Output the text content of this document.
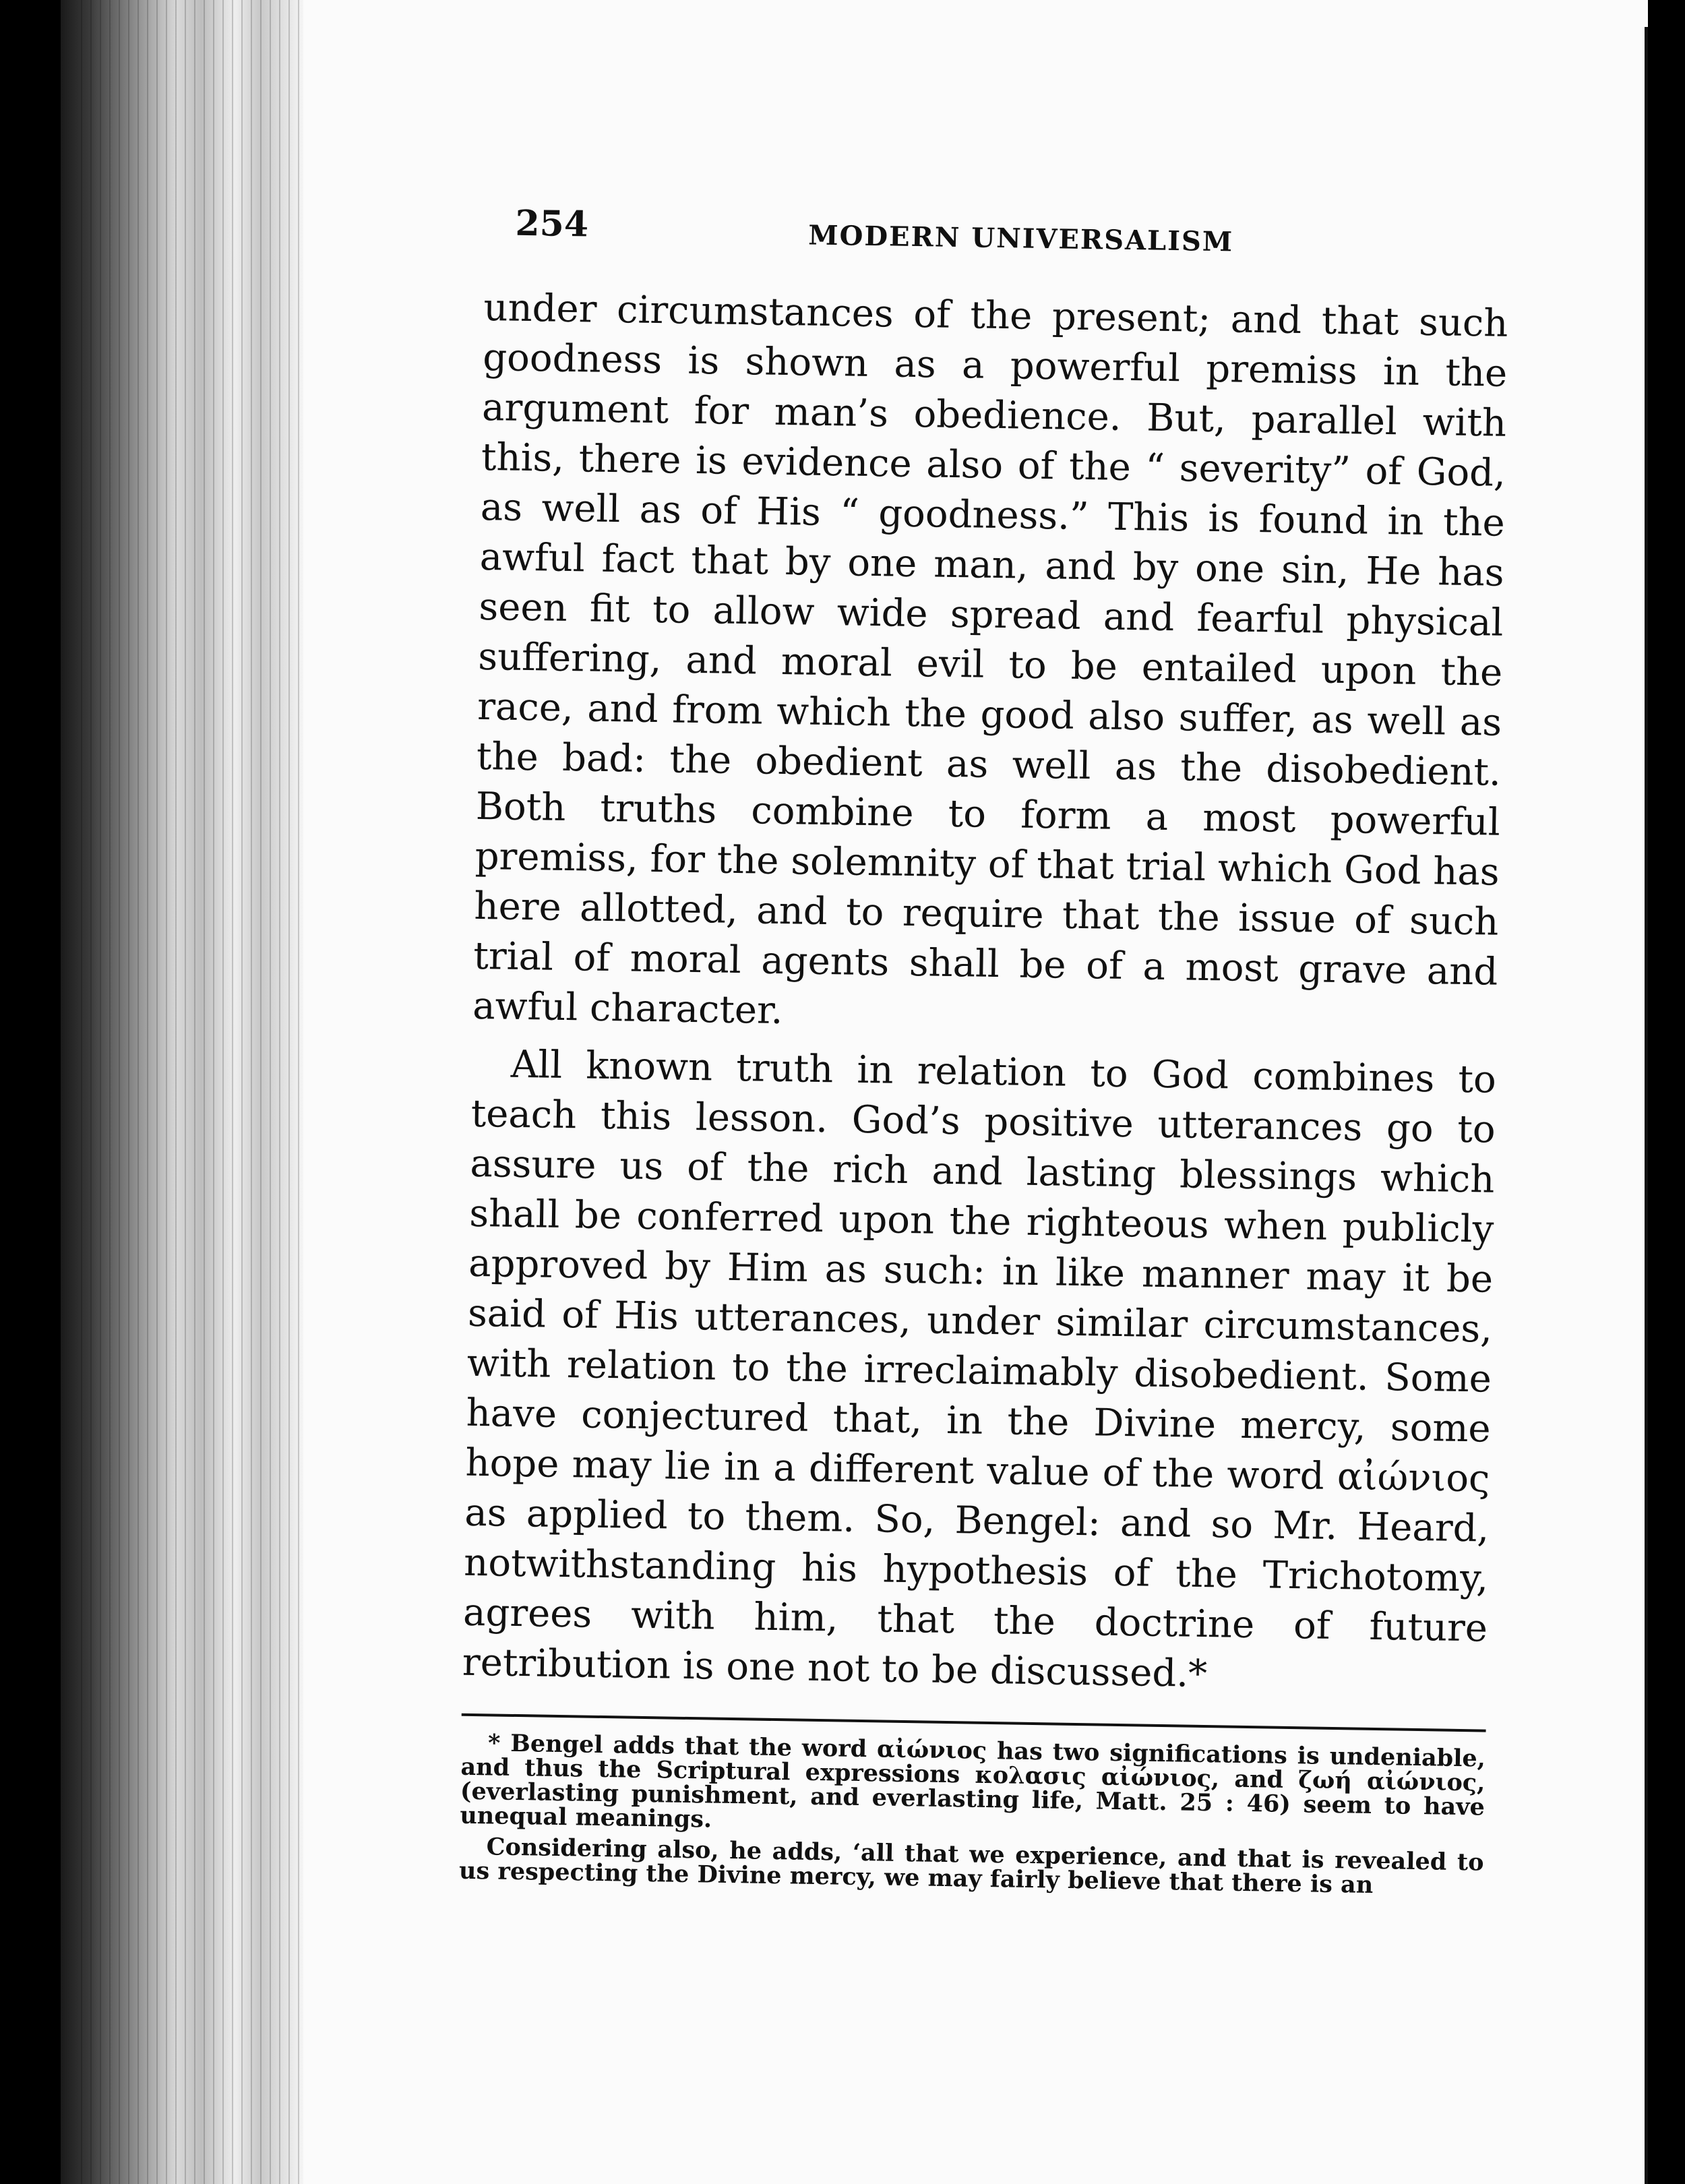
254	MODERN UNIVERSALISM

under circumstances of the present; and that such goodness is shown as a powerful premiss in the argument for man’s obedience. But, parallel with this, there is evidence also of the “ severity” of God, as well as of His “ goodness.” This is found in the awful fact that by one man, and by one sin, He has seen fit to allow wide spread and fearful physical suffering, and moral evil to be entailed upon the race, and from which the good also suffer, as well as the bad: the obedient as well as the disobedient. Both truths combine to form a most powerful premiss, for the solemnity of that trial which God has here allotted, and to require that the issue of such trial of moral agents shall be of a most grave and awful character.

All known truth in relation to God combines to teach this lesson. God’s positive utterances go to assure us of the rich and lasting blessings which shall be conferred upon the righteous when publicly approved by Him as such: in like manner may it be said of His utterances, under similar circumstances, with relation to the irreclaimably disobedient. Some have conjectured that, in the Divine mercy, some hope may lie in a different value of the word αἰώνιος as applied to them. So, Bengel: and so Mr. Heard, notwithstanding his hypothesis of the Trichotomy, agrees with him, that the doctrine of future retribution is one not to be discussed.*

* Bengel adds that the word αἰώνιος has two significations is undeniable, and thus the Scriptural expressions κολασις αἰώνιος, and ζωή αἰώνιος, (everlasting punishment, and everlasting life, Matt. 25 : 46) seem to have unequal meanings.

Considering also, he adds, ‘all that we experience, and that is revealed to us respecting the Divine mercy, we may fairly believe that there is an
